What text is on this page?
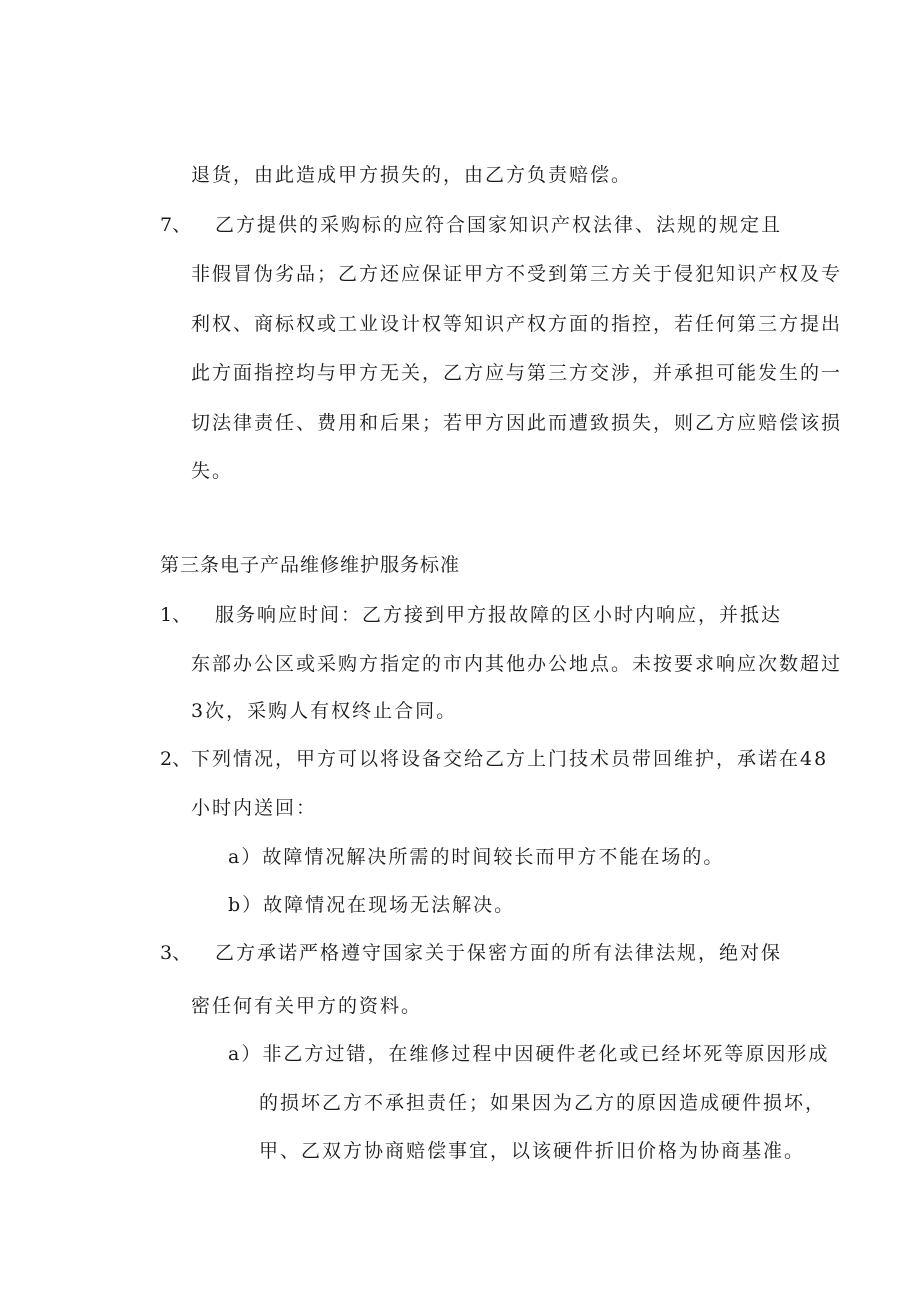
退货，由此造成甲方损失的，由乙方负责赔偿。

7、 乙方提供的采购标的应符合国家知识产权法律、法规的规定且

非假冒伪劣品；乙方还应保证甲方不受到第三方关于侵犯知识产权及专

利权、商标权或工业设计权等知识产权方面的指控，若任何第三方提出

此方面指控均与甲方无关，乙方应与第三方交涉，并承担可能发生的一

切法律责任、费用和后果；若甲方因此而遭致损失，则乙方应赔偿该损

失。

第三条电子产品维修维护服务标准

1、 服务响应时间：乙方接到甲方报故障的区小时内响应，并抵达

东部办公区或采购方指定的市内其他办公地点。未按要求响应次数超过

3次，采购人有权终止合同。

2、 下列情况，甲方可以将设备交给乙方上门技术员带回维护，承诺在48

小时内送回：

a）故障情况解决所需的时间较长而甲方不能在场的。

b）故障情况在现场无法解决。

3、 乙方承诺严格遵守国家关于保密方面的所有法律法规，绝对保

密任何有关甲方的资料。

a）非乙方过错，在维修过程中因硬件老化或已经坏死等原因形成

的损坏乙方不承担责任；如果因为乙方的原因造成硬件损坏，

甲、乙双方协商赔偿事宜，以该硬件折旧价格为协商基准。
